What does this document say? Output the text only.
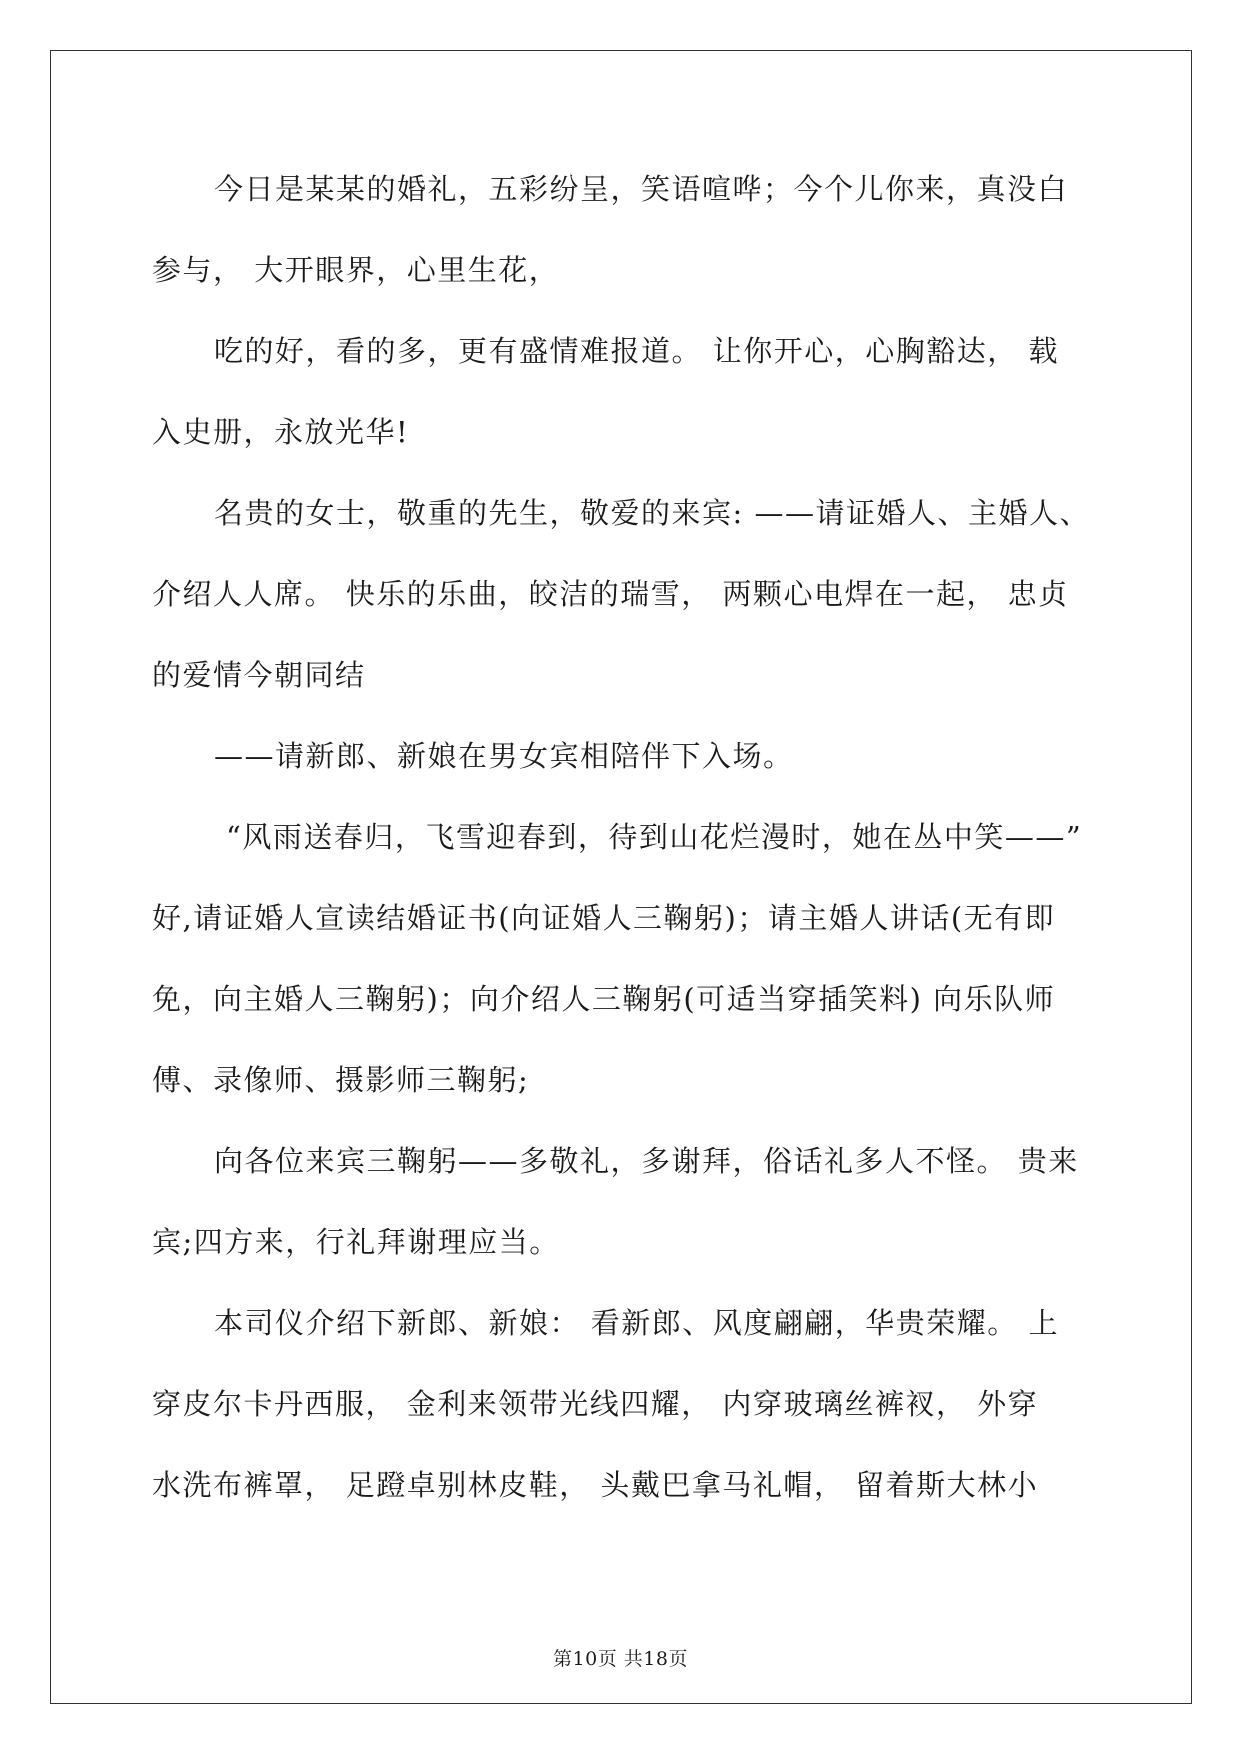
今日是某某的婚礼，五彩纷呈，笑语喧哗；今个儿你来，真没白
参与， 大开眼界，心里生花，
吃的好，看的多，更有盛情难报道。 让你开心，心胸豁达， 载
入史册，永放光华!
名贵的女士，敬重的先生，敬爱的来宾: ——请证婚人、主婚人、
介绍人人席。 快乐的乐曲，皎洁的瑞雪， 两颗心电焊在一起， 忠贞
的爱情今朝同结
——请新郎、新娘在男女宾相陪伴下入场。
“风雨送春归，飞雪迎春到，待到山花烂漫时，她在丛中笑——”
好,请证婚人宣读结婚证书(向证婚人三鞠躬)；请主婚人讲话(无有即
免，向主婚人三鞠躬)；向介绍人三鞠躬(可适当穿插笑料) 向乐队师
傅、录像师、摄影师三鞠躬;
向各位来宾三鞠躬——多敬礼，多谢拜，俗话礼多人不怪。 贵来
宾;四方来，行礼拜谢理应当。
本司仪介绍下新郎、新娘： 看新郎、风度翩翩，华贵荣耀。 上
穿皮尔卡丹西服， 金利来领带光线四耀， 内穿玻璃丝裤衩， 外穿
水洗布裤罩， 足蹬卓别林皮鞋， 头戴巴拿马礼帽， 留着斯大林小
第10页 共18页
